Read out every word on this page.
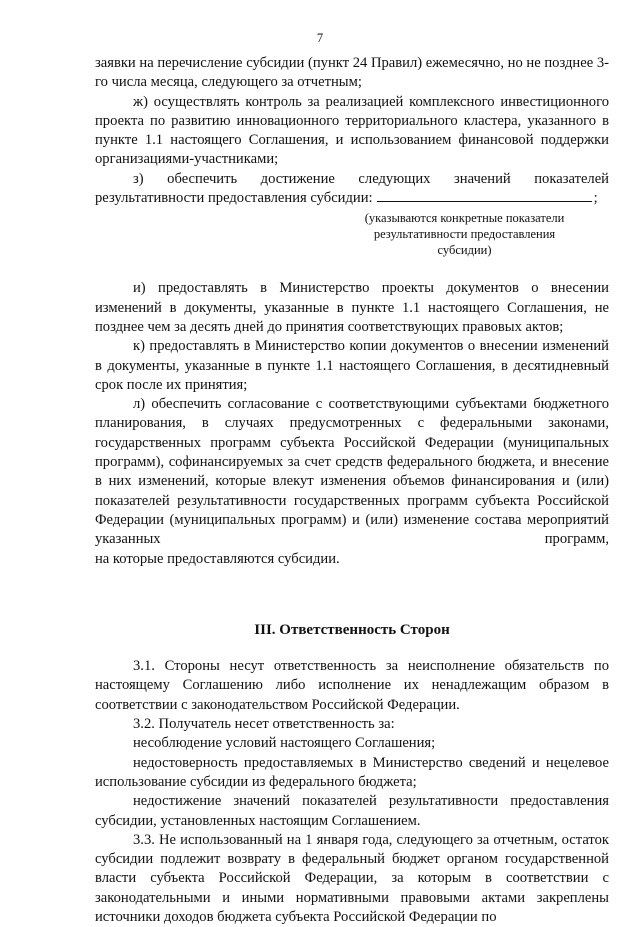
7

заявки на перечисление субсидии (пункт 24 Правил) ежемесячно, но не позднее 3-го числа месяца, следующего за отчетным;

ж) осуществлять контроль за реализацией комплексного инвестиционного проекта по развитию инновационного территориального кластера, указанного в пункте 1.1 настоящего Соглашения, и использованием финансовой поддержки организациями-участниками;

з) обеспечить достижение следующих значений показателей результативности предоставления субсидии:	;

(указываются конкретные показатели результативности предоставления субсидии)

и) предоставлять в Министерство проекты документов о внесении изменений в документы, указанные в пункте 1.1 настоящего Соглашения, не позднее чем за десять дней до принятия соответствующих правовых актов;

к) предоставлять в Министерство копии документов о внесении изменений в документы, указанные в пункте 1.1 настоящего Соглашения, в десятидневный срок после их принятия;

л) обеспечить согласование с соответствующими субъектами бюджетного планирования, в случаях предусмотренных с федеральными законами, государственных программ субъекта Российской Федерации (муниципальных программ), софинансируемых за счет средств федерального бюджета, и внесение в них изменений, которые влекут изменения объемов финансирования и (или) показателей результативности государственных программ субъекта Российской Федерации (муниципальных программ) и (или) изменение состава мероприятий указанных программ,

на которые предоставляются субсидии.

III. Ответственность Сторон

3.1. Стороны несут ответственность за неисполнение обязательств по настоящему Соглашению либо исполнение их ненадлежащим образом в соответствии с законодательством Российской Федерации.

3.2. Получатель несет ответственность за:

несоблюдение условий настоящего Соглашения;

недостоверность предоставляемых в Министерство сведений и нецелевое использование субсидии из федерального бюджета;

недостижение значений показателей результативности предоставления субсидии, установленных настоящим Соглашением.

3.3. Не использованный на 1 января года, следующего за отчетным, остаток субсидии подлежит возврату в федеральный бюджет органом государственной власти субъекта Российской Федерации, за которым в соответствии с законодательными и иными нормативными правовыми актами закреплены источники доходов бюджета субъекта Российской Федерации по
